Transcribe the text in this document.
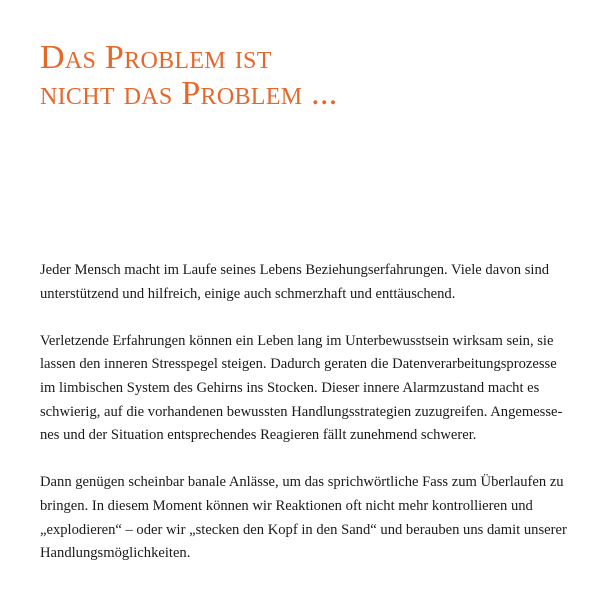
Das Problem ist
nicht das Problem ...

Jeder Mensch macht im Laufe seines Lebens Beziehungserfahrungen. Viele davon sind
unterstützend und hilfreich, einige auch schmerzhaft und enttäuschend.

Verletzende Erfahrungen können ein Leben lang im Unterbewusstsein wirksam sein, sie
lassen den inneren Stresspegel steigen. Dadurch geraten die Datenverarbeitungsprozesse
im limbischen System des Gehirns ins Stocken. Dieser innere Alarmzustand macht es
schwierig, auf die vorhandenen bewussten Handlungsstrategien zuzugreifen. Angemesse-
nes und der Situation entsprechendes Reagieren fällt zunehmend schwerer.

Dann genügen scheinbar banale Anlässe, um das sprichwörtliche Fass zum Überlaufen zu
bringen. In diesem Moment können wir Reaktionen oft nicht mehr kontrollieren und
„explodieren“ – oder wir „stecken den Kopf in den Sand“ und berauben uns damit unserer
Handlungsmöglichkeiten.
